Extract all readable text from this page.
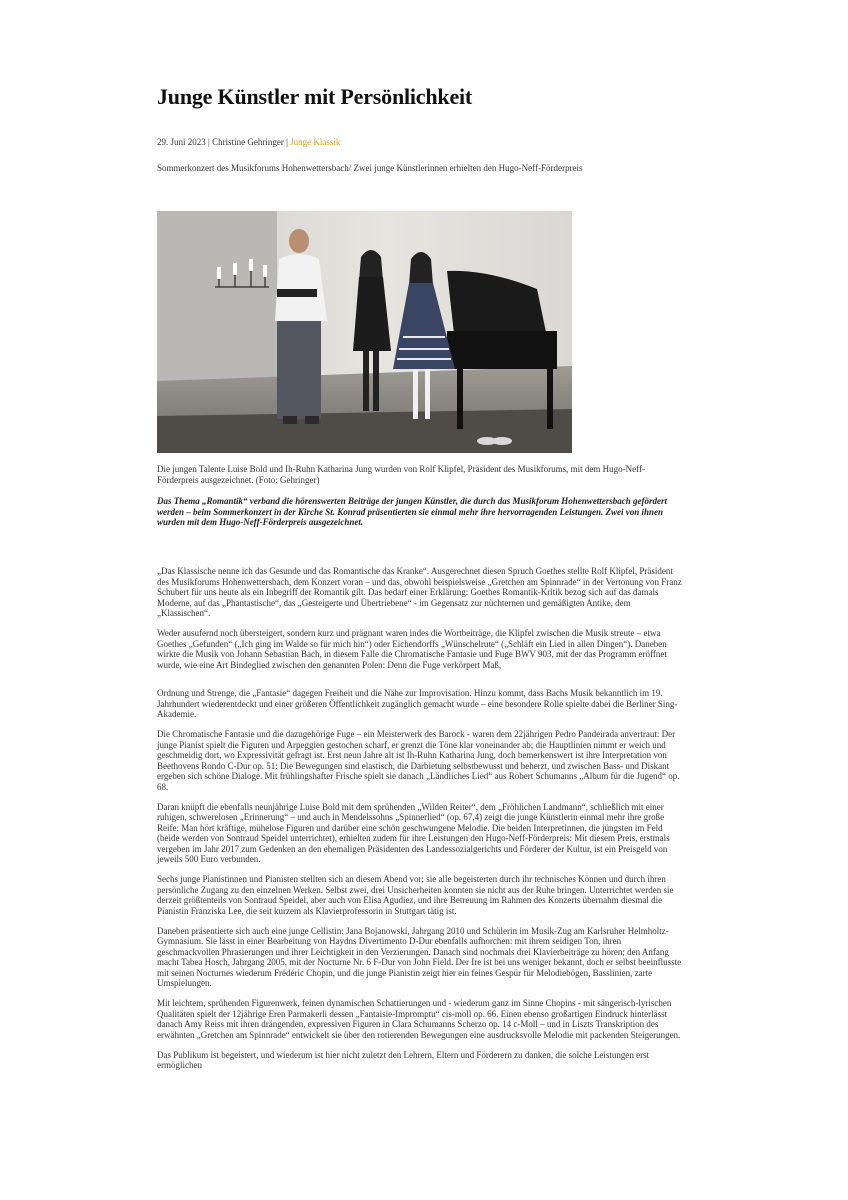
Junge Künstler mit Persönlichkeit
29. Juni 2023 | Christine Gehringer | Junge Klassik
Sommerkonzert des Musikforums Hohenwettersbach/ Zwei junge Künstlerinnen erhielten den Hugo-Neff-Förderpreis
Die jungen Talente Luise Bold und Ih-Ruhn Katharina Jung wurden von Rolf Klipfel, Präsident des Musikforums, mit dem Hugo-Neff-Förderpreis ausgezeichnet. (Foto: Gehringer)
Das Thema „Romantik“ verband die hörenswerten Beiträge der jungen Künstler, die durch das Musikforum Hohenwettersbach gefördert werden – beim Sommerkonzert in der Kirche St. Konrad präsentierten sie einmal mehr ihre hervorragenden Leistungen. Zwei von ihnen wurden mit dem Hugo-Neff-Förderpreis ausgezeichnet.

„Das Klassische nenne ich das Gesunde und das Romantische das Kranke“. Ausgerechnet diesen Spruch Goethes stellte Rolf Klipfel, Präsident des Musikforums Hohenwettersbach, dem Konzert voran – und das, obwohl beispielsweise „Gretchen am Spinnrade“ in der Vertonung von Franz Schubert für uns heute als ein Inbegriff der Romantik gilt. Das bedarf einer Erklärung: Goethes Romantik-Kritik bezog sich auf das damals Moderne, auf das „Phantastische“, das „Gesteigerte und Übertriebene“ - im Gegensatz zur nüchternen und gemäßigten Antike, dem „Klassischen“.

Weder ausufernd noch übersteigert, sondern kurz und prägnant waren indes die Wortbeiträge, die Klipfel zwischen die Musik streute – etwa Goethes „Gefunden“ („Ich ging im Walde so für mich hin“) oder Eichendorffs „Wünschelrute“ („Schläft ein Lied in allen Dingen“). Daneben wirkte die Musik von Johann Sebastian Bach, in diesem Falle die Chromatische Fantasie und Fuge BWV 903, mit der das Programm eröffnet wurde, wie eine Art Bindeglied zwischen den genannten Polen: Denn die Fuge verkörpert Maß,

Ordnung und Strenge, die „Fantasie“ dagegen Freiheit und die Nähe zur Improvisation. Hinzu kommt, dass Bachs Musik bekanntlich im 19. Jahrhundert wiederentdeckt und einer größeren Öffentlichkeit zugänglich gemacht wurde – eine besondere Rolle spielte dabei die Berliner Sing-Akademie.

Die Chromatische Fantasie und die dazugehörige Fuge – ein Meisterwerk des Barock - waren dem 22jährigen Pedro Pandeirada anvertraut: Der junge Pianist spielt die Figuren und Arpeggien gestochen scharf, er grenzt die Töne klar voneinander ab; die Hauptlinien nimmt er weich und geschmeidig dort, wo Expressivität gefragt ist. Erst neun Jahre alt ist Ih-Ruhn Katharina Jung, doch bemerkenswert ist ihre Interpretation von Beethovens Rondo C-Dur op. 51: Die Bewegungen sind elastisch, die Darbietung selbstbewusst und beherzt, und zwischen Bass- und Diskant ergeben sich schöne Dialoge. Mit frühlingshafter Frische spielt sie danach „Ländliches Lied“ aus Robert Schumanns „Album für die Jugend“ op. 68.

Daran knüpft die ebenfalls neunjährige Luise Bold mit dem sprühenden „Wilden Reiter“, dem „Fröhlichen Landmann“, schließlich mit einer ruhigen, schwerelosen „Erinnerung“ – und auch in Mendelssohns „Spinnerlied“ (op. 67,4) zeigt die junge Künstlerin einmal mehr ihre große Reife: Man hört kräftige, mühelose Figuren und darüber eine schön geschwungene Melodie. Die beiden Interpretinnen, die jüngsten im Feld (beide werden von Sontraud Speidel unterrichtet), erhielten zudem für ihre Leistungen den Hugo-Neff-Förderpreis: Mit diesem Preis, erstmals vergeben im Jahr 2017 zum Gedenken an den ehemaligen Präsidenten des Landessozialgerichts und Förderer der Kultur, ist ein Preisgeld von jeweils 500 Euro verbunden.

Sechs junge Pianistinnen und Pianisten stellten sich an diesem Abend vor; sie alle begeisterten durch ihr technisches Können und durch ihren persönliche Zugang zu den einzelnen Werken. Selbst zwei, drei Unsicherheiten konnten sie nicht aus der Ruhe bringen. Unterrichtet werden sie derzeit größtenteils von Sontraud Speidel, aber auch von Elisa Agudiez, und ihre Betreuung im Rahmen des Konzerts übernahm diesmal die Pianistin Franziska Lee, die seit kurzem als Klavierprofessorin in Stuttgart tätig ist.

Daneben präsentierte sich auch eine junge Cellistin: Jana Bojanowski, Jahrgang 2010 und Schülerin im Musik-Zug am Karlsruher Helmholtz-Gymnasium. Sie lässt in einer Bearbeitung von Haydns Divertimento D-Dur ebenfalls aufhorchen: mit ihrem seidigen Ton, ihren geschmackvollen Phrasierungen und ihrer Leichtigkeit in den Verzierungen. Danach sind nochmals drei Klavierbeiträge zu hören; den Anfang macht Tabea Hosch, Jahrgang 2005, mit der Nocturne Nr. 6 F-Dur von John Field. Der Ire ist bei uns weniger bekannt, doch er selbst beeinflusste mit seinen Nocturnes wiederum Frédéric Chopin, und die junge Pianistin zeigt hier ein feines Gespür für Melodiebögen, Basslinien, zarte Umspielungen.

Mit leichtem, sprühenden Figurenwerk, feinen dynamischen Schattierungen und - wiederum ganz im Sinne Chopins - mit sängerisch-lyrischen Qualitäten spielt der 12jährige Eren Parmakerli dessen „Fantaisie-Impromptu“ cis-moll op. 66. Einen ebenso großartigen Eindruck hinterlässt danach Amy Reiss mit ihren drängenden, expressiven Figuren in Clara Schumanns Scherzo op. 14 c-Moll – und in Liszts Transkription des erwähnten „Gretchen am Spinnrade“ entwickelt sie über den rotierenden Bewegungen eine ausdrucksvolle Melodie mit packenden Steigerungen.

Das Publikum ist begeistert, und wiederum ist hier nicht zuletzt den Lehrern, Eltern und Förderern zu danken, die solche Leistungen erst ermöglichen
